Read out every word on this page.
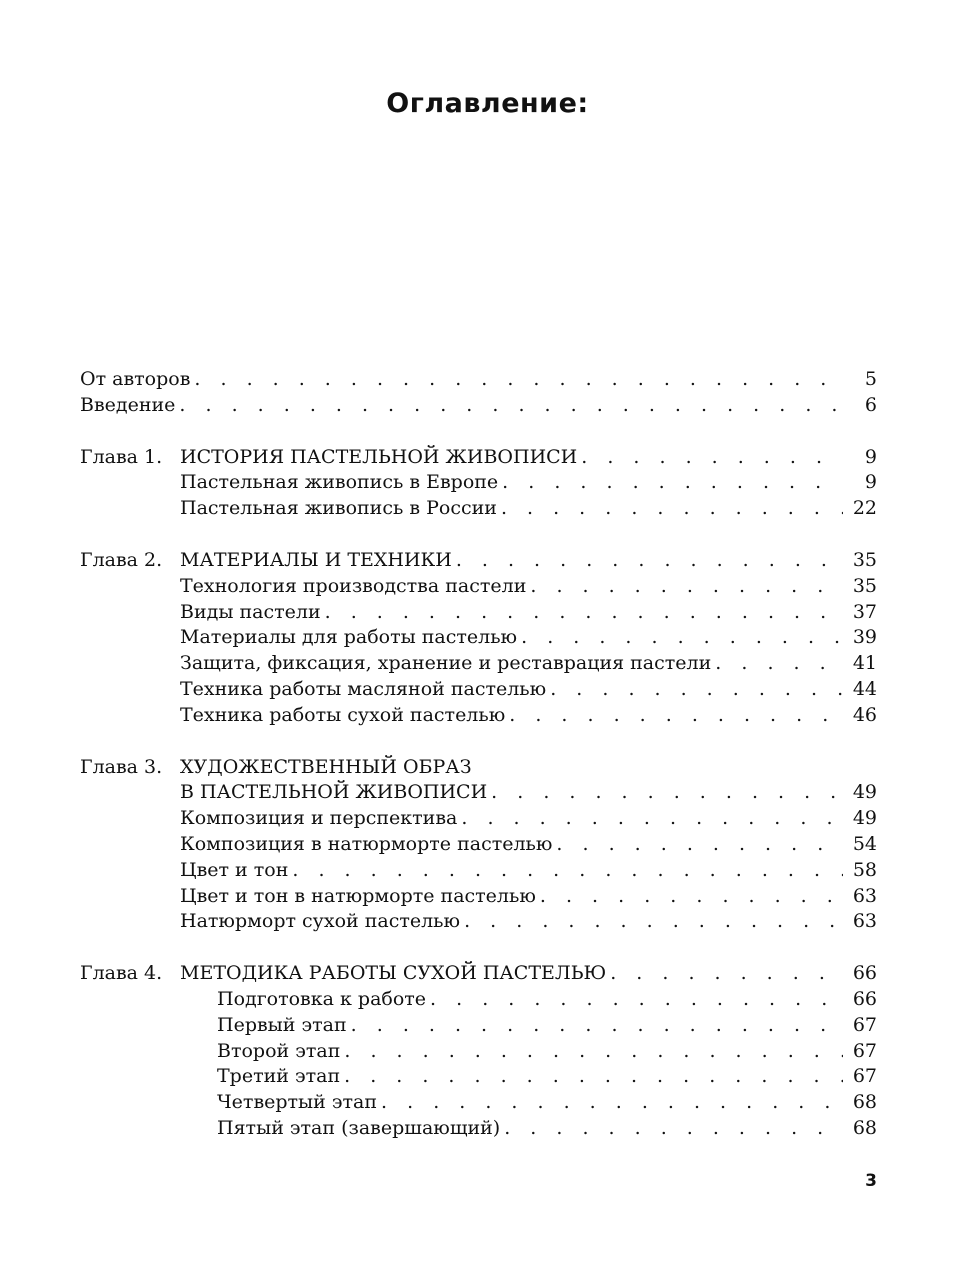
Оглавление:
От авторов . . .	5
Введение . . .	6
Глава 1. ИСТОРИЯ ПАСТЕЛЬНОЙ ЖИВОПИСИ . . .	9
Пастельная живопись в Европе . . .	9
Пастельная живопись в России . . .	22
Глава 2. МАТЕРИАЛЫ И ТЕХНИКИ . . .	35
Технология производства пастели . . .	35
Виды пастели . . .	37
Материалы для работы пастелью . . .	39
Защита, фиксация, хранение и реставрация пастели . . .	41
Техника работы масляной пастелью . . .	44
Техника работы сухой пастелью . . .	46
Глава 3. ХУДОЖЕСТВЕННЫЙ ОБРАЗ
В ПАСТЕЛЬНОЙ ЖИВОПИСИ . . .	49
Композиция и перспектива . . .	49
Композиция в натюрморте пастелью . . .	54
Цвет и тон . . .	58
Цвет и тон в натюрморте пастелью . . .	63
Натюрморт сухой пастелью . . .	63
Глава 4. МЕТОДИКА РАБОТЫ СУХОЙ ПАСТЕЛЬЮ . . .	66
Подготовка к работе . . .	66
Первый этап . . .	67
Второй этап . . .	67
Третий этап . . .	67
Четвертый этап . . .	68
Пятый этап (завершающий) . . .	68
3
